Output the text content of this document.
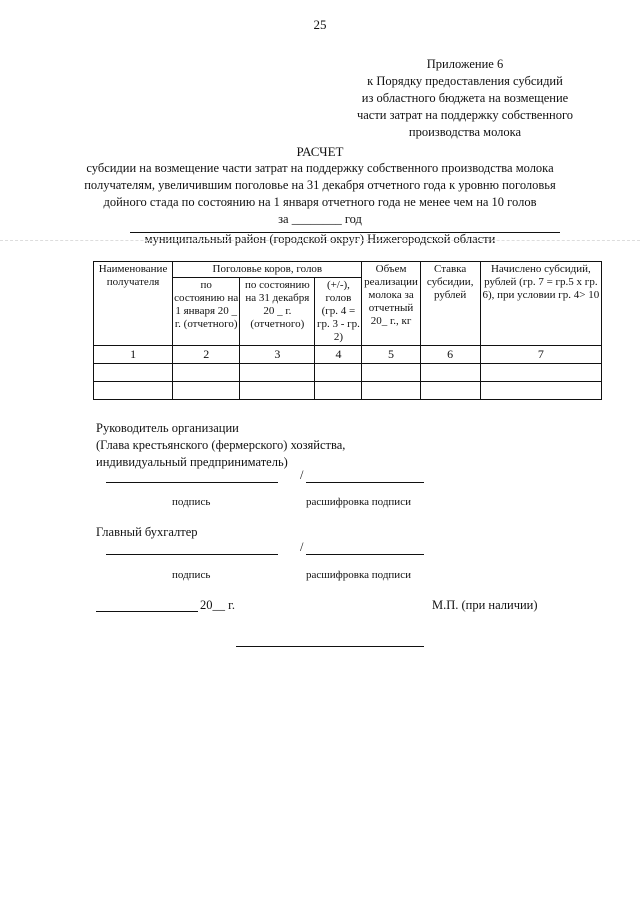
25
Приложение 6
к Порядку предоставления субсидий
из областного бюджета на возмещение
части затрат на поддержку собственного
производства молока
РАСЧЕТ
субсидии на возмещение части затрат на поддержку собственного производства молока
получателям, увеличившим поголовье на 31 декабря отчетного года к уровню поголовья
дойного стада по состоянию на 1 января отчетного года не менее чем на 10 голов
за ________ год
муниципальный район (городской округ) Нижегородской области
Наименование получателя	Поголовье коров, голов			Объем реализации молока за отчетный 20_ г., кг	Ставка субсидии, рублей	Начислено субсидий, рублей (гр. 7 = гр.5 х гр. 6), при условии гр. 4> 10
	по состоянию на 1 января 20 _ г. (отчетного)	по состоянию на 31 декабря 20 _ г. (отчетного)	(+/-), голов (гр. 4 = гр. 3 - гр. 2)			
1	2	3	4	5	6	7

Руководитель организации
(Глава крестьянского (фермерского) хозяйства,
индивидуальный предприниматель)
/
подпись	расшифровка подписи
Главный бухгалтер
/
подпись	расшифровка подписи
20__ г.	М.П. (при наличии)
